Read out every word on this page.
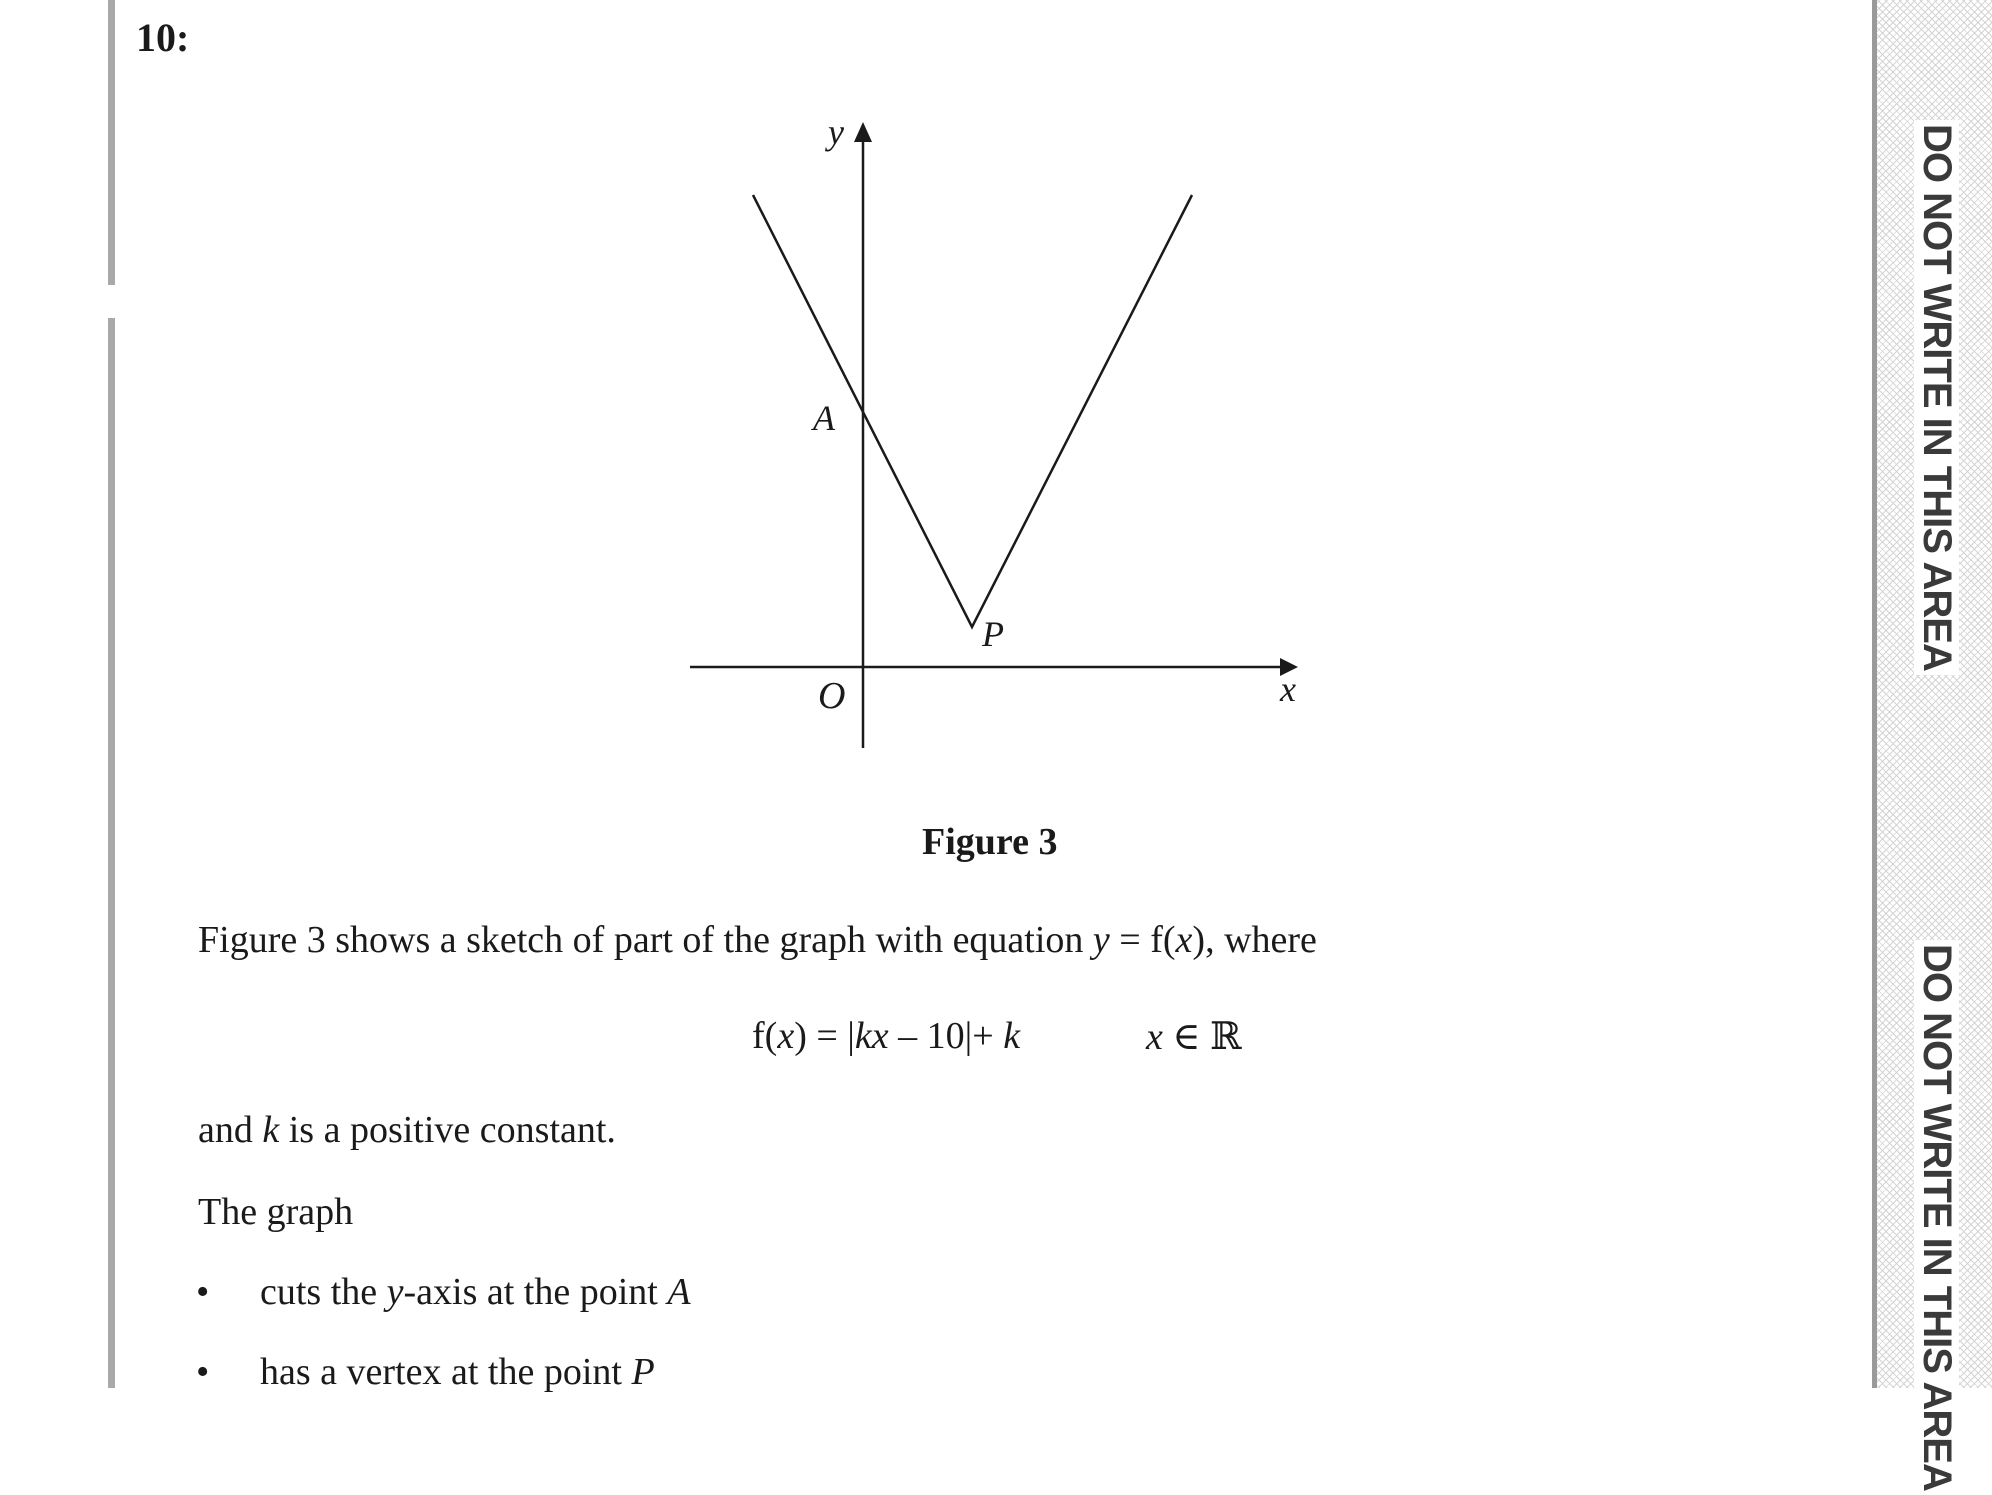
10:
y
x
O
A
P
Figure 3
Figure 3 shows a sketch of part of the graph with equation y = f(x), where
f(x) = |kx – 10|+ k	x ∈ ℝ
and k is a positive constant.
The graph
• cuts the y-axis at the point A
• has a vertex at the point P
DO NOT WRITE IN THIS AREA
DO NOT WRITE IN THIS AREA
